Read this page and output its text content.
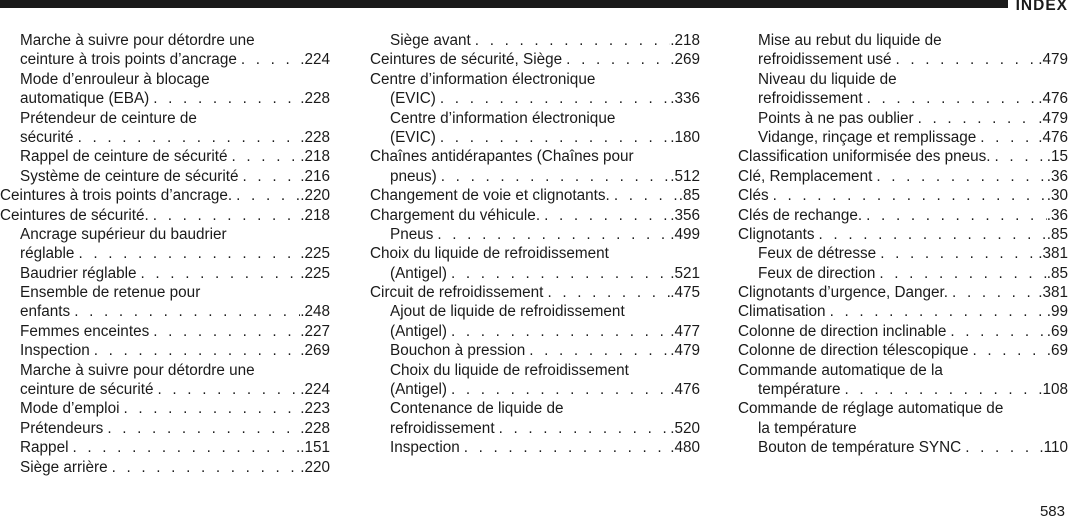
INDEX
Marche à suivre pour détordre une
ceinture à trois points d’ancrage . . .	.224
Mode d’enrouleur à blocage
automatique (EBA) . . .	.228
Prétendeur de ceinture de
sécurité . . .	.228
Rappel de ceinture de sécurité . . .	.218
Système de ceinture de sécurité . . .	.216
Ceintures à trois points d’ancrage. . . .	.220
Ceintures de sécurité. . . .	.218
Ancrage supérieur du baudrier
réglable . . .	.225
Baudrier réglable . . .	.225
Ensemble de retenue pour
enfants . . .	.248
Femmes enceintes . . .	.227
Inspection . . .	.269
Marche à suivre pour détordre une
ceinture de sécurité . . .	.224
Mode d’emploi . . .	.223
Prétendeurs . . .	.228
Rappel . . .	.151
Siège arrière . . .	.220
Siège avant . . .	.218
Ceintures de sécurité, Siège . . .	.269
Centre d’information électronique
(EVIC) . . .	.336
Centre d’information électronique
(EVIC) . . .	.180
Chaînes antidérapantes (Chaînes pour
pneus) . . .	.512
Changement de voie et clignotants. . . .	.85
Chargement du véhicule. . . .	.356
Pneus . . .	.499
Choix du liquide de refroidissement
(Antigel) . . .	.521
Circuit de refroidissement . . .	.475
Ajout de liquide de refroidissement
(Antigel) . . .	.477
Bouchon à pression . . .	.479
Choix du liquide de refroidissement
(Antigel) . . .	.476
Contenance de liquide de
refroidissement . . .	.520
Inspection . . .	.480
Mise au rebut du liquide de
refroidissement usé . . .	.479
Niveau du liquide de
refroidissement . . .	.476
Points à ne pas oublier . . .	.479
Vidange, rinçage et remplissage . . .	.476
Classification uniformisée des pneus. . . .	.15
Clé, Remplacement . . .	.36
Clés . . .	.30
Clés de rechange. . . .	.36
Clignotants . . .	.85
Feux de détresse . . .	.381
Feux de direction . . .	.85
Clignotants d’urgence, Danger. . . .	.381
Climatisation . . .	.99
Colonne de direction inclinable . . .	.69
Colonne de direction télescopique . . .	.69
Commande automatique de la
température . . .	.108
Commande de réglage automatique de
la température
Bouton de température SYNC . . .	.110
583
